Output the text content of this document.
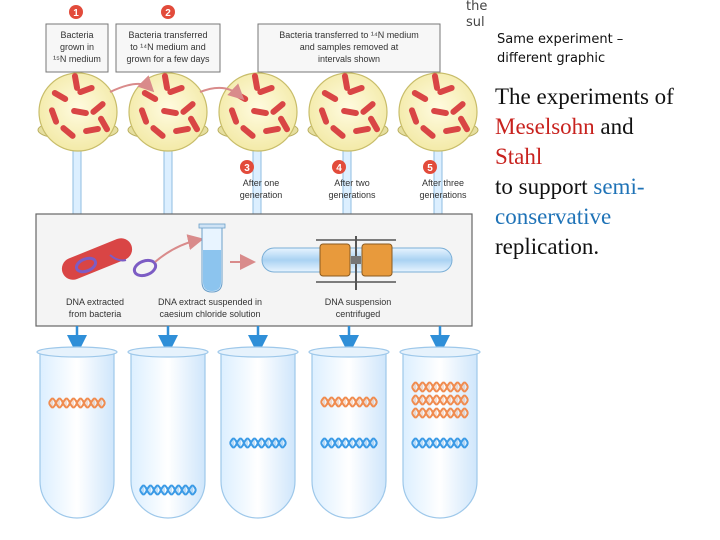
1	2
Bacteria
grown in
¹⁵N medium
Bacteria transferred
to ¹⁴N medium and
grown for a few days
Bacteria transferred to ¹⁴N medium
and samples removed at
intervals shown
3	4	5
After one
generation
After two
generations
After three
generations
DNA extracted
from bacteria
DNA extract suspended in
caesium chloride solution
DNA suspension
centrifuged
the
sul
Same experiment –
different graphic
The experiments of
Meselsohn and
Stahl
to support semi-
conservative
replication.
